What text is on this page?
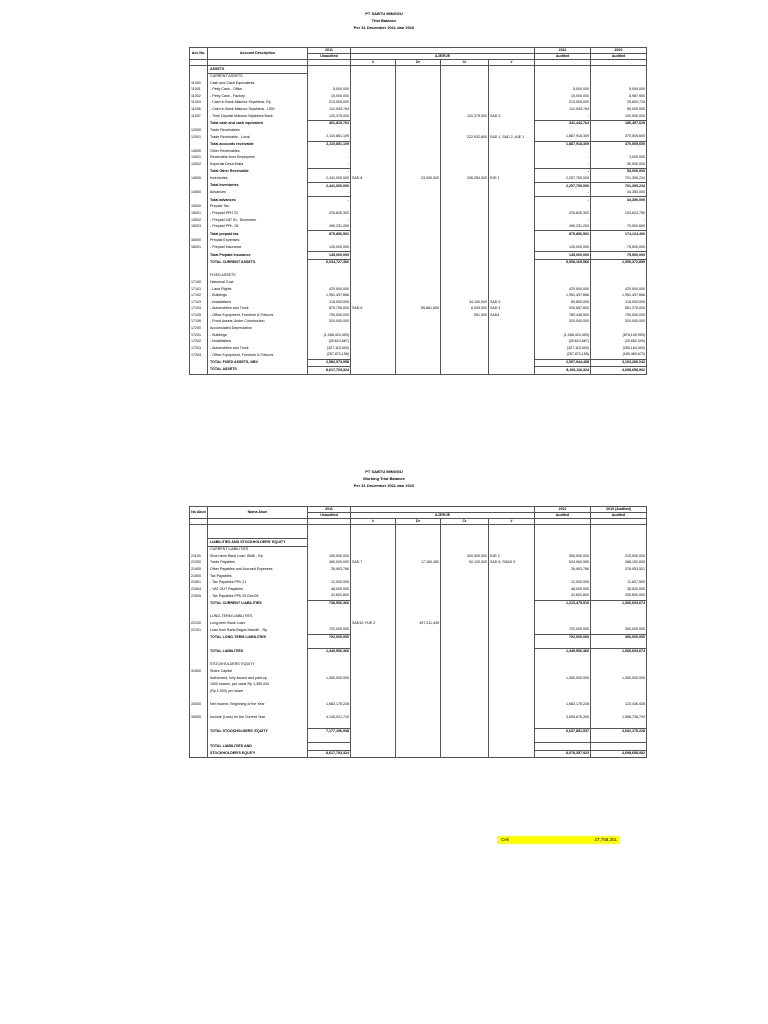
PT SABTU MINGGU
Trial Balance
Per 31 December 2011 dan 2010
Acc No.	Account Description	2011					2011	2010
		Unaudited	AJE/RJE				Audited	Audited
			#	Dr	Cr	#		
	ASSETS							
	CURRENT ASSETS							
11000	Cash and Cash Equivalents:							
11001	- Petty Cash - Office	5,000,000					5,000,000	5,000,000
11002	- Petty Cash - Factory	10,000,000					10,000,000	5,987,900
11004	- Cash in Bank Makmur Sejahtera- Rp	213,505,000					213,505,000	25,809,725
11006	- Cash in Bank Makmur Sejahtera - USD	112,939,764					112,939,764	50,000,000
11007	- Time Deposit Makmur Sejahtera Bank	120,375,000			120,375,000	SAD 3	-	100,000,000
	Total cash and cash equivalent	461,819,764					341,444,764	186,497,625
12000	Trade Receivables							
12001	Trade Receivable - Local	2,110,851,109			222,932,800	SAD 1, SAD 2, AJE 1	1,887,918,309	370,505,600
	Total accounts receivable	2,110,851,109					1,887,918,309	370,505,600
13000	Other Receivables							
13001	Receivable from Employees	-					-	3,000,000
13002	Koperasi Desa Mulia	-					-	50,000,000
	Total Other Receivable	-					-	53,000,000
14000	Inventories	2,441,000,000	SAD 8	23,000,000	206,250,000	RJE 1	2,257,750,000	701,395,234
	Total Inventories	2,441,000,000					2,257,750,000	701,395,234
14500	Advances	-					-	34,350,000
	Total advances	-					-	34,350,000
15000	Prepaid Tax:							
15001	- Prepaid PPH 22	376,625,302					376,625,302	103,623,750
15002	- Prepaid VAT IN - December	-					-	-
15003	- Prepaid PPh. 25	499,231,200					499,231,200	70,500,650
	Total prepaid tax	875,856,502					875,856,502	174,124,400
16000	Prepaid Expenses:							
16001	- Prepaid Insurance	145,000,000					145,000,000	75,500,000
	Total Prepaid Insurance	145,000,000					145,000,000	75,500,000
	TOTAL CURRENT ASSETS	6,034,727,366					5,508,169,566	1,595,372,859

	FIXED ASSETS							
17100	Historical Cost:							
17101	- Land Rights	420,000,000					420,000,000	420,000,000
17102	- Buildings	1,951,437,666					1,951,437,666	1,951,437,666
17103	- Installations	115,000,000			34,150,000	SAD 5	80,850,000	115,000,000
17104	- Automobiles and Truck	870,795,000	SAD 6	55,861,600	6,009,000	SAD 4	920,657,600	851,275,000
17105	- Office Equipment, Furniture & Fixtures	790,000,000			551,500	SAD4	789,448,500	790,000,000
17106	- Fixed Assets Under Construction	320,000,000					320,000,000	320,000,000
17200	Accumulated Depreciation							
17201	- Buildings	(1,268,424,493)					(1,268,424,493)	(878,149,993)
17202	- Installations	(35,624,667)					(35,624,667)	(25,652,000)
17203	- Automobiles and Truck	(327,115,000)					(327,115,000)	(255,164,000)
17204	- Office Equipment, Furniture & Fixtures	(257,873,158)					(257,873,158)	(180,460,673)
	TOTAL FIXED ASSETS, NBV	2,582,973,958					2,597,944,458	3,103,286,043
	TOTAL ASSETS	8,617,703,324					8,106,116,324	4,698,658,902
PT SABTU MINGGU
Working Trial Balance
Per 31 December 2011 dan 2010
No Akun	Nama Akun	2011					2011	2010 (Audited)
		Unaudited	AJE/RJE				Audited	Audited
			#	Dr	Cr	#		

	LIABILITIES AND STOCKHOLDERS' EQUITY							
	CURRENT LIABILITIES							
21100	Short-term Bank Loan: BMB - Rp	150,000,000			400,000,000	RJE 2	550,000,000	215,000,000
21200	Trade Payables	460,000,000	SAD 7	17,150,450	92,120,000	SAD 8, SSAD 9	534,969,550	288,152,653
21400	Other Payables and Accrued Expenses	26,903,766					26,903,766	376,053,521
21500	Tax Payables:							
21501	- Tax Payables PPh 21	12,000,000					12,000,000	11,607,500
21504	- VAT OUT Payables	48,000,000					48,000,000	35,520,000
21505	- Tax Payables PPh 25 Dec'09	41,602,600					41,602,600	330,600,000
	TOTAL CURRENT LIABILITIES	738,506,366					1,213,475,916	1,366,603,674

	LONG-TERM LIABILITIES							
22100	Long-term Bank Loan:		SAD10, RJE 2	497,211,449				
22101	Loan from Bank Bagus Mandiri - Rp	702,000,000					702,000,000	300,000,000
	TOTAL LONG-TERM LIABILITIES	702,000,000					702,000,000	300,000,000

	TOTAL LIABILITIES	1,440,506,366					1,449,506,366	1,666,603,674

	STOCKHOLDERS' EQUITY							
31000	Share Capital							
	Authorized, fully issued and paid-up	1,350,000,000					1,350,000,000	1,350,000,000
	1000 shares, par value Rp 1,350,000							
	(Rp 1,000) per share							

33000	Net Income, Beginning of the Year	1,682,175,228					1,682,175,228	123,436,435

34000	Income (Loss) for the Current Year	4,145,021,710					3,605,676,309	1,558,738,793

	TOTAL STOCKHOLDERS' EQUITY	7,177,196,938					6,637,851,537	3,032,175,228

	TOTAL LIABILITIES AND							
	STOCKHOLDER'S EQUITY	8,617,703,324					8,078,357,923	4,698,658,902
Cek	27,758,301
